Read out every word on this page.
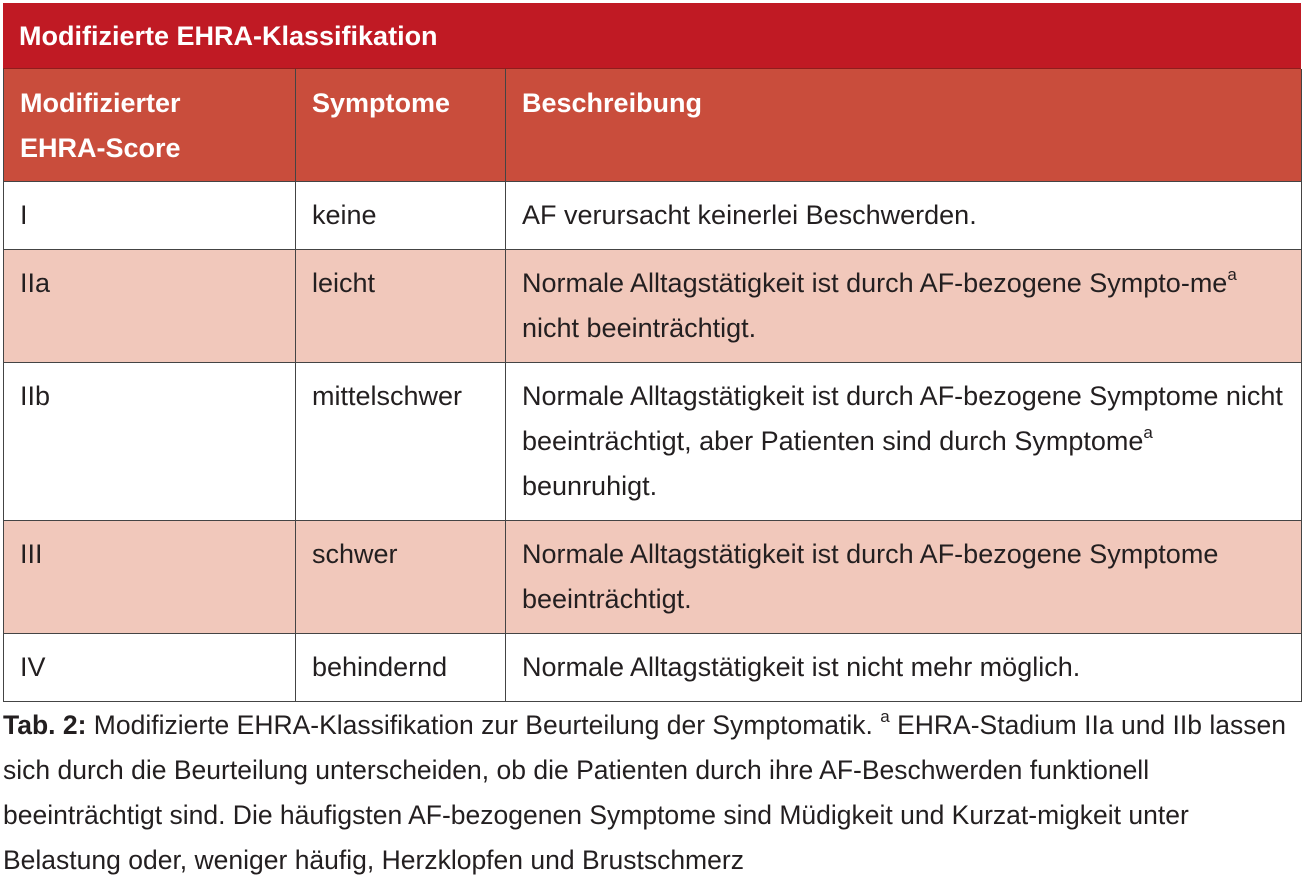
Modifizierte EHRA-Klassifikation
Modifizierter
EHRA-Score	Symptome	Beschreibung
I	keine	AF verursacht keinerlei Beschwerden.
IIa	leicht	Normale Alltagstätigkeit ist durch AF-bezogene Sympto-$me^a$ nicht beeinträchtigt.
IIb	mittelschwer	Normale Alltagstätigkeit ist durch AF-bezogene Symptome nicht beeinträchtigt, aber Patienten sind durch Symptome$^a$ beunruhigt.
III	schwer	Normale Alltagstätigkeit ist durch AF-bezogene Symptome beeinträchtigt.
IV	behindernd	Normale Alltagstätigkeit ist nicht mehr möglich.
Tab. 2: Modifizierte EHRA-Klassifikation zur Beurteilung der Symptomatik. $^a$ EHRA-Stadium IIa und IIb lassen sich durch die Beurteilung unterscheiden, ob die Patienten durch ihre AF-Beschwerden funktionell beeinträchtigt sind. Die häufigsten AF-bezogenen Symptome sind Müdigkeit und Kurzat-migkeit unter Belastung oder, weniger häufig, Herzklopfen und Brustschmerz
